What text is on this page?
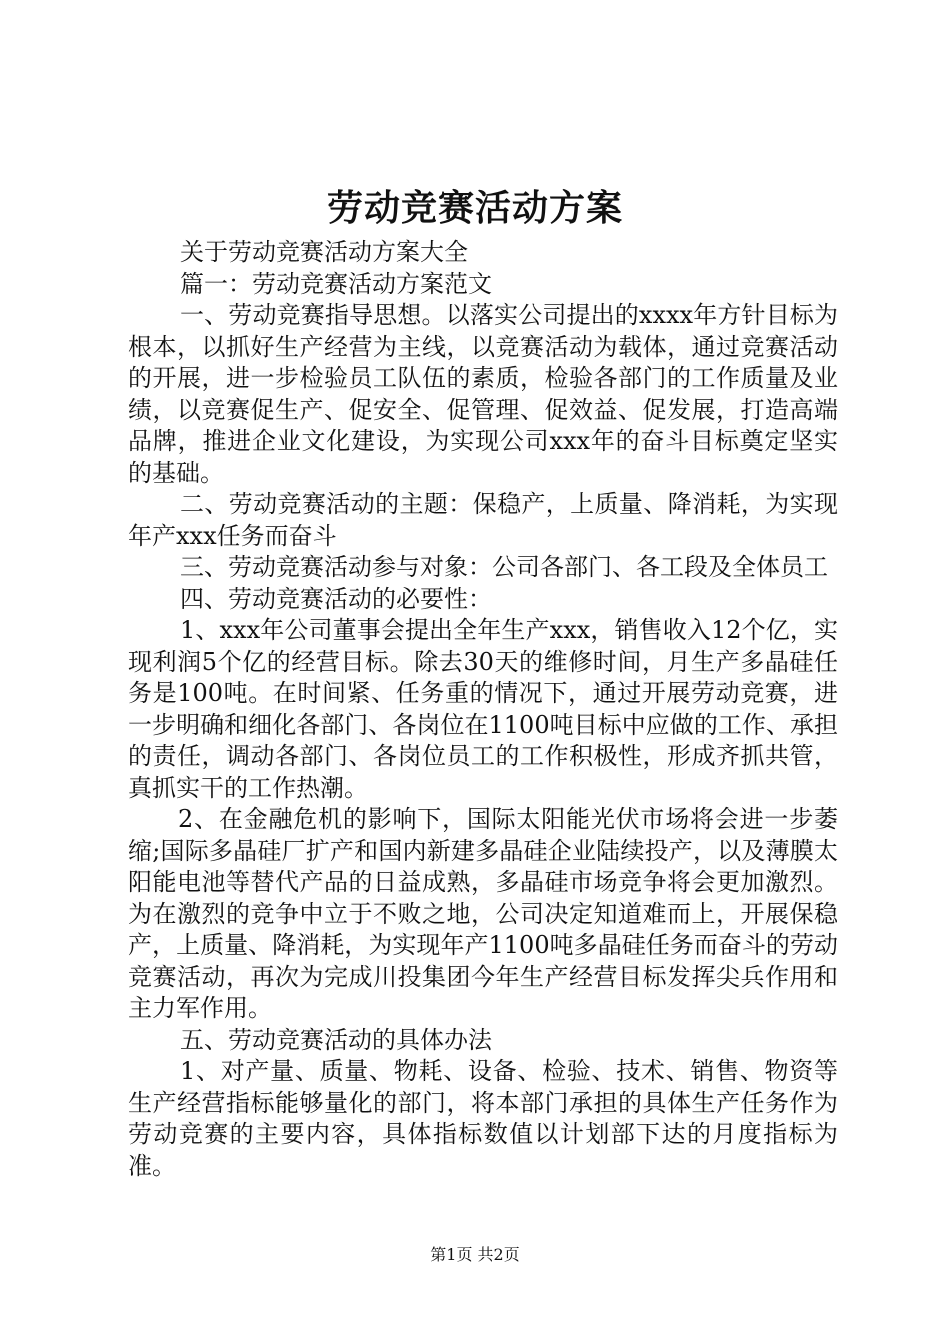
劳动竞赛活动方案

关于劳动竞赛活动方案大全

篇一：劳动竞赛活动方案范文

一、劳动竞赛指导思想。以落实公司提出的xxxx年方针目标为根本，以抓好生产经营为主线，以竞赛活动为载体，通过竞赛活动的开展，进一步检验员工队伍的素质，检验各部门的工作质量及业绩，以竞赛促生产、促安全、促管理、促效益、促发展，打造高端品牌，推进企业文化建设，为实现公司xxx年的奋斗目标奠定坚实的基础。

二、劳动竞赛活动的主题：保稳产，上质量、降消耗，为实现年产xxx任务而奋斗

三、劳动竞赛活动参与对象：公司各部门、各工段及全体员工

四、劳动竞赛活动的必要性：

1、xxx年公司董事会提出全年生产xxx，销售收入12个亿，实现利润5个亿的经营目标。除去30天的维修时间，月生产多晶硅任务是100吨。在时间紧、任务重的情况下，通过开展劳动竞赛，进一步明确和细化各部门、各岗位在1100吨目标中应做的工作、承担的责任，调动各部门、各岗位员工的工作积极性，形成齐抓共管，真抓实干的工作热潮。

2、在金融危机的影响下，国际太阳能光伏市场将会进一步萎缩;国际多晶硅厂扩产和国内新建多晶硅企业陆续投产，以及薄膜太阳能电池等替代产品的日益成熟，多晶硅市场竞争将会更加激烈。为在激烈的竞争中立于不败之地，公司决定知道难而上，开展保稳产，上质量、降消耗，为实现年产1100吨多晶硅任务而奋斗的劳动竞赛活动，再次为完成川投集团今年生产经营目标发挥尖兵作用和主力军作用。

五、劳动竞赛活动的具体办法

1、对产量、质量、物耗、设备、检验、技术、销售、物资等生产经营指标能够量化的部门，将本部门承担的具体生产任务作为劳动竞赛的主要内容，具体指标数值以计划部下达的月度指标为准。

第1页 共2页
